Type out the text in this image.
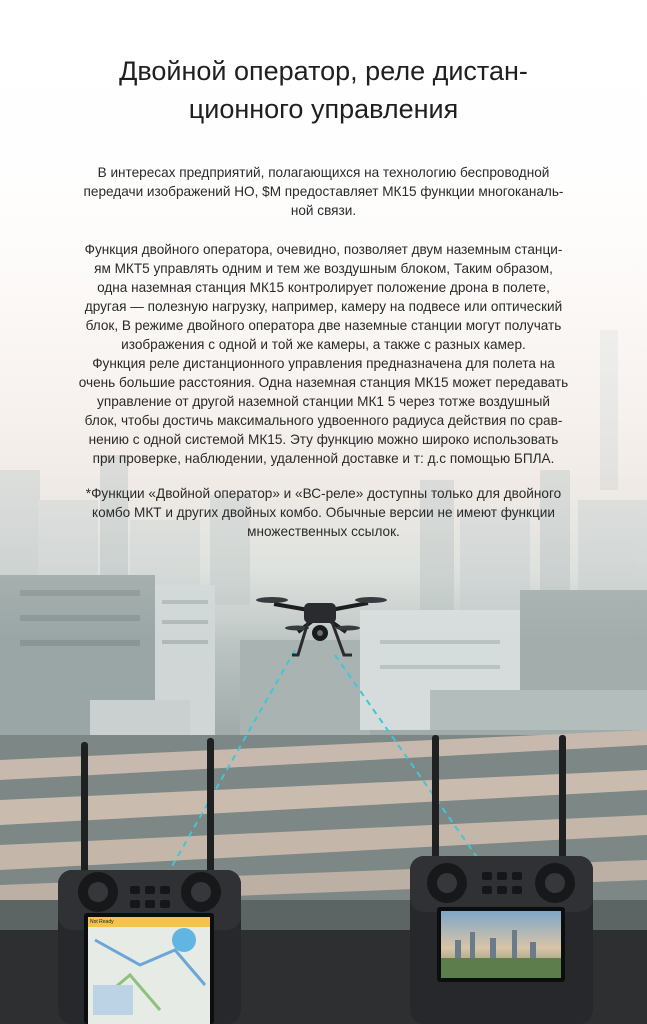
Двойной оператор, реле дистан-
ционного управления
В интересах предприятий, полагающихся на технологию беспроводной
передачи изображений НО, $М предоставляет МК15 функции многоканаль-
ной связи.
Функция двойного оператора, очевидно, позволяет двум наземным станци-
ям МКТ5 управлять одним и тем же воздушным блоком, Таким образом,
одна наземная станция МК15 контролирует положение дрона в полете,
другая — полезную нагрузку, например, камеру на подвесе или оптический
блок, В режиме двойного оператора две наземные станции могут получать
изображения с одной и той же камеры, а также с разных камер.
Функция реле дистанционного управления предназначена для полета на
очень большие расстояния. Одна наземная станция МК15 может передавать
управление от другой наземной станции МК1 5 через тотже воздушный
блок, чтобы достичь максимального удвоенного радиуса действия по срав-
нению с одной системой МК15. Эту функцию можно широко использовать
при проверке, наблюдении, удаленной доставке и т: д.с помощью БПЛА.
*Функции «Двойной оператор» и «ВС-реле» доступны только для двойного
комбо МКТ и других двойных комбо. Обычные версии не имеют функции
множественных ссылок.
Not Ready
